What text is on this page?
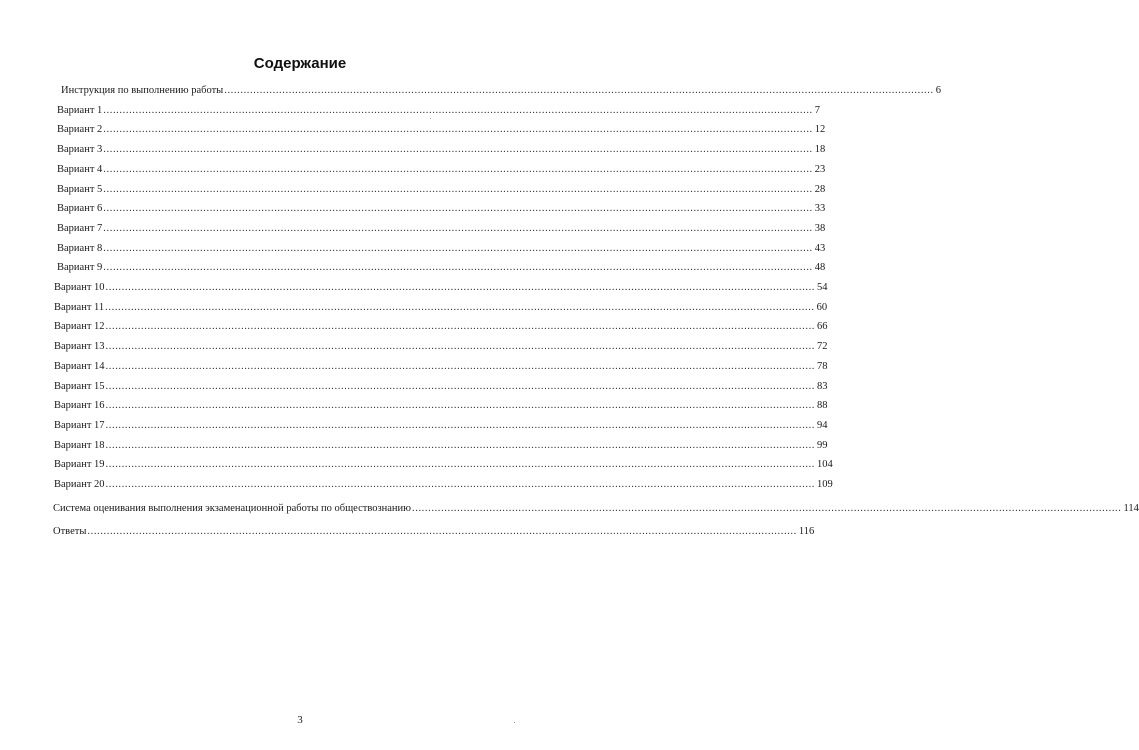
Содержание
Инструкция по выполнению работы ............................................................................................................................................................................................................................ 6
Вариант 1 ............................................................................................................................................................................................................................ 7
Вариант 2 ............................................................................................................................................................................................................................ 12
Вариант 3 ............................................................................................................................................................................................................................ 18
Вариант 4 ............................................................................................................................................................................................................................ 23
Вариант 5 ............................................................................................................................................................................................................................ 28
Вариант 6 ............................................................................................................................................................................................................................ 33
Вариант 7 ............................................................................................................................................................................................................................ 38
Вариант 8 ............................................................................................................................................................................................................................ 43
Вариант 9 ............................................................................................................................................................................................................................ 48
Вариант 10 ............................................................................................................................................................................................................................ 54
Вариант 11 ............................................................................................................................................................................................................................ 60
Вариант 12 ............................................................................................................................................................................................................................ 66
Вариант 13 ............................................................................................................................................................................................................................ 72
Вариант 14 ............................................................................................................................................................................................................................ 78
Вариант 15 ............................................................................................................................................................................................................................ 83
Вариант 16 ............................................................................................................................................................................................................................ 88
Вариант 17 ............................................................................................................................................................................................................................ 94
Вариант 18 ............................................................................................................................................................................................................................ 99
Вариант 19 ............................................................................................................................................................................................................................ 104
Вариант 20 ............................................................................................................................................................................................................................ 109
Система оценивания выполнения экзаменационной работы по обществознанию ............................................................................................................................................................................................................................ 114
Ответы ............................................................................................................................................................................................................................ 116
3
